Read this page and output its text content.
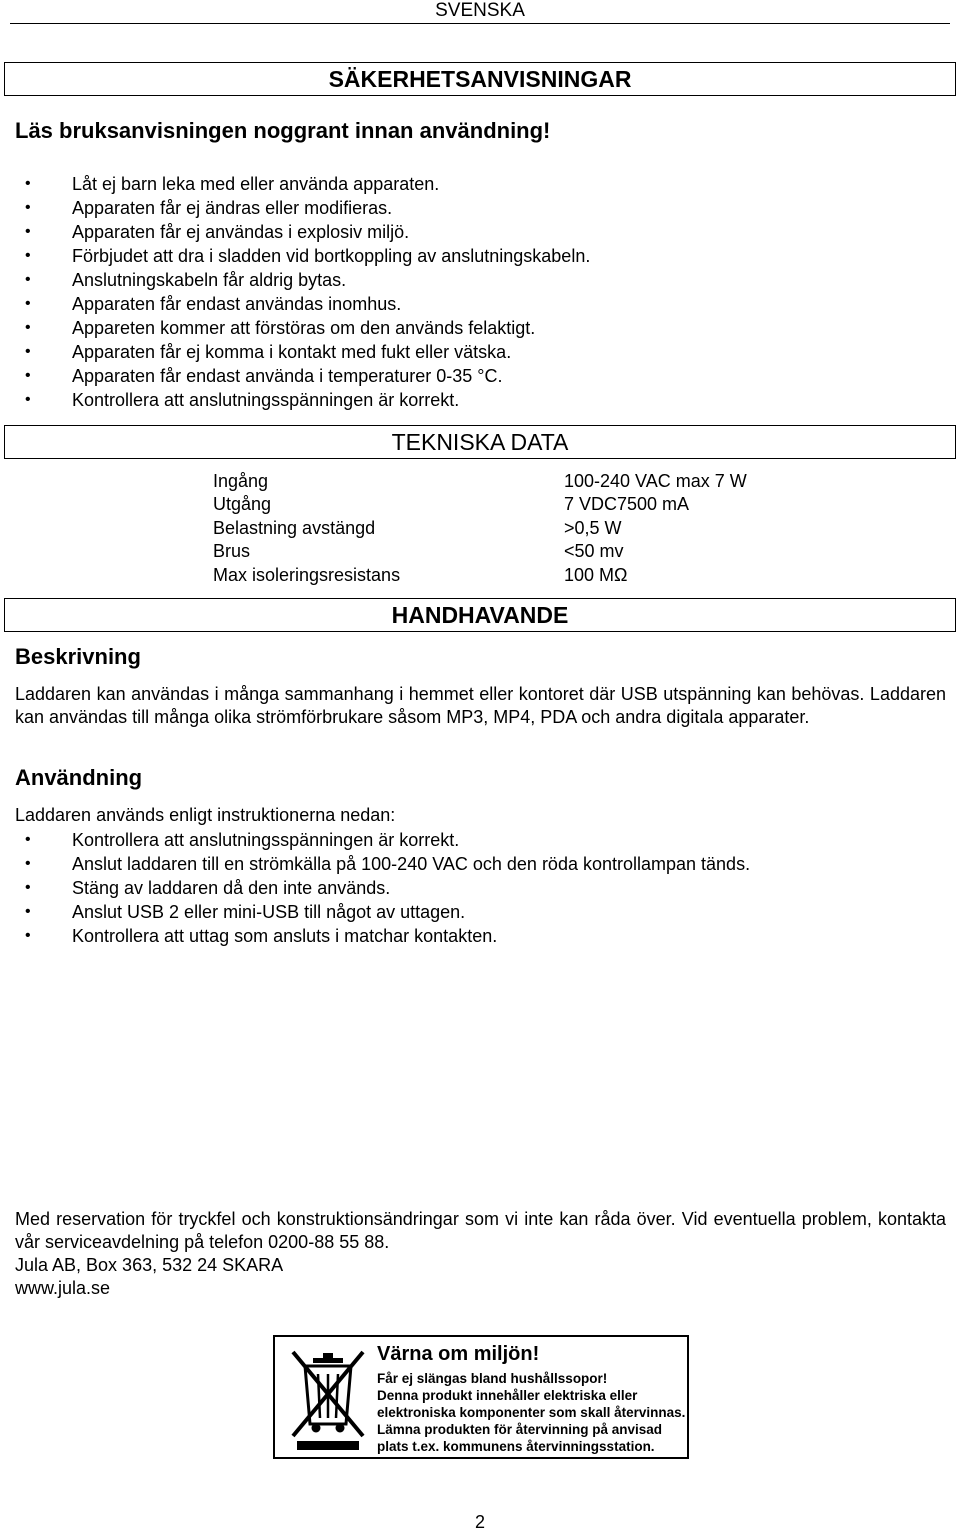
SVENSKA
SÄKERHETSANVISNINGAR
Läs bruksanvisningen noggrant innan användning!
• Låt ej barn leka med eller använda apparaten.
• Apparaten får ej ändras eller modifieras.
• Apparaten får ej användas i explosiv miljö.
• Förbjudet att dra i sladden vid bortkoppling av anslutningskabeln.
• Anslutningskabeln får aldrig bytas.
• Apparaten får endast användas inomhus.
• Appareten kommer att förstöras om den används felaktigt.
• Apparaten får ej komma i kontakt med fukt eller vätska.
• Apparaten får endast använda i temperaturer 0-35 °C.
• Kontrollera att anslutningsspänningen är korrekt.
TEKNISKA DATA
Ingång	100-240 VAC max 7 W
Utgång	7 VDC7500 mA
Belastning avstängd	>0,5 W
Brus	<50 mv
Max isoleringsresistans	100 MΩ
HANDHAVANDE
Beskrivning
Laddaren kan användas i många sammanhang i hemmet eller kontoret där USB utspänning kan behövas. Laddaren kan användas till många olika strömförbrukare såsom MP3, MP4, PDA och andra digitala apparater.
Användning
Laddaren används enligt instruktionerna nedan:
• Kontrollera att anslutningsspänningen är korrekt.
• Anslut laddaren till en strömkälla på 100-240 VAC och den röda kontrollampan tänds.
• Stäng av laddaren då den inte används.
• Anslut USB 2 eller mini-USB till något av uttagen.
• Kontrollera att uttag som ansluts i matchar kontakten.
Med reservation för tryckfel och konstruktionsändringar som vi inte kan råda över. Vid eventuella problem, kontakta vår serviceavdelning på telefon 0200-88 55 88.
Jula AB, Box 363, 532 24 SKARA
www.jula.se
Värna om miljön!
Får ej slängas bland hushållssopor!
Denna produkt innehåller elektriska eller
elektroniska komponenter som skall återvinnas.
Lämna produkten för återvinning på anvisad
plats t.ex. kommunens återvinningsstation.
2
